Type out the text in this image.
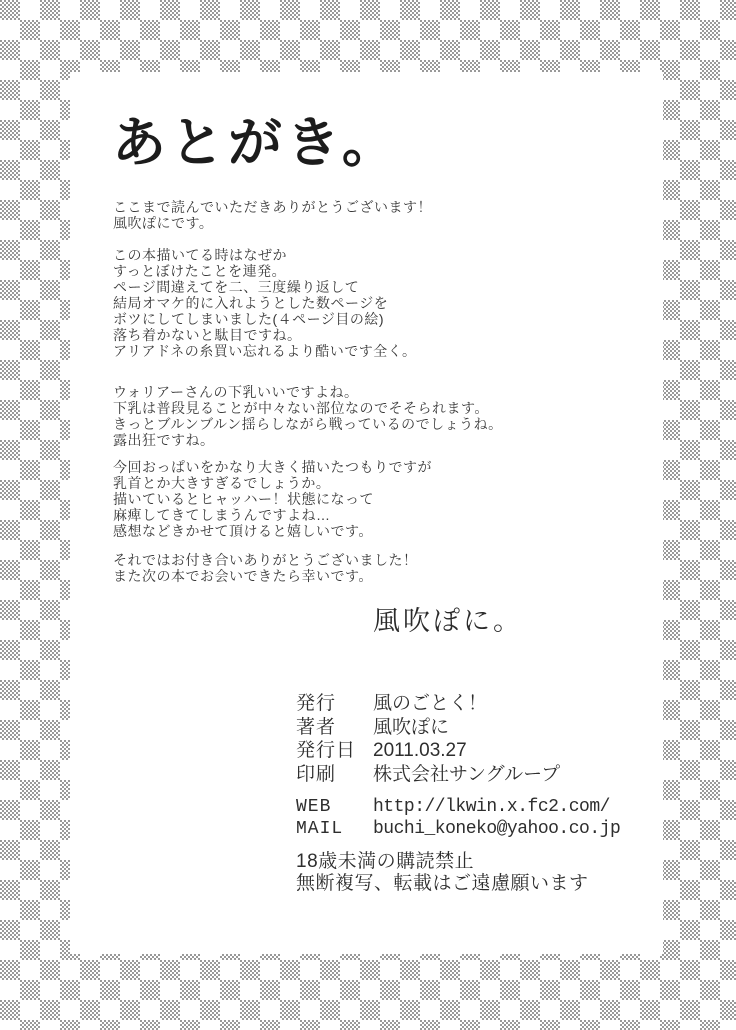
あとがき。
ここまで読んでいただきありがとうございます！
風吹ぽにです。
この本描いてる時はなぜか
すっとぼけたことを連発。
ページ間違えてを二、三度繰り返して
結局オマケ的に入れようとした数ページを
ボツにしてしまいました(４ページ目の絵)
落ち着かないと駄目ですね。
アリアドネの糸買い忘れるより酷いです全く。
ウォリアーさんの下乳いいですよね。
下乳は普段見ることが中々ない部位なのでそそられます。
きっとブルンブルン揺らしながら戦っているのでしょうね。
露出狂ですね。
今回おっぱいをかなり大きく描いたつもりですが
乳首とか大きすぎるでしょうか。
描いているとヒャッハー！状態になって
麻痺してきてしまうんですよね…
感想などきかせて頂けると嬉しいです。
それではお付き合いありがとうございました！
また次の本でお会いできたら幸いです。
風吹ぽに。
発行	風のごとく！
著者	風吹ぽに
発行日 2011.03.27
印刷	株式会社サングループ
WEB	http://lkwin.x.fc2.com/
MAIL	buchi_koneko@yahoo.co.jp
18歳未満の購読禁止
無断複写、転載はご遠慮願います
